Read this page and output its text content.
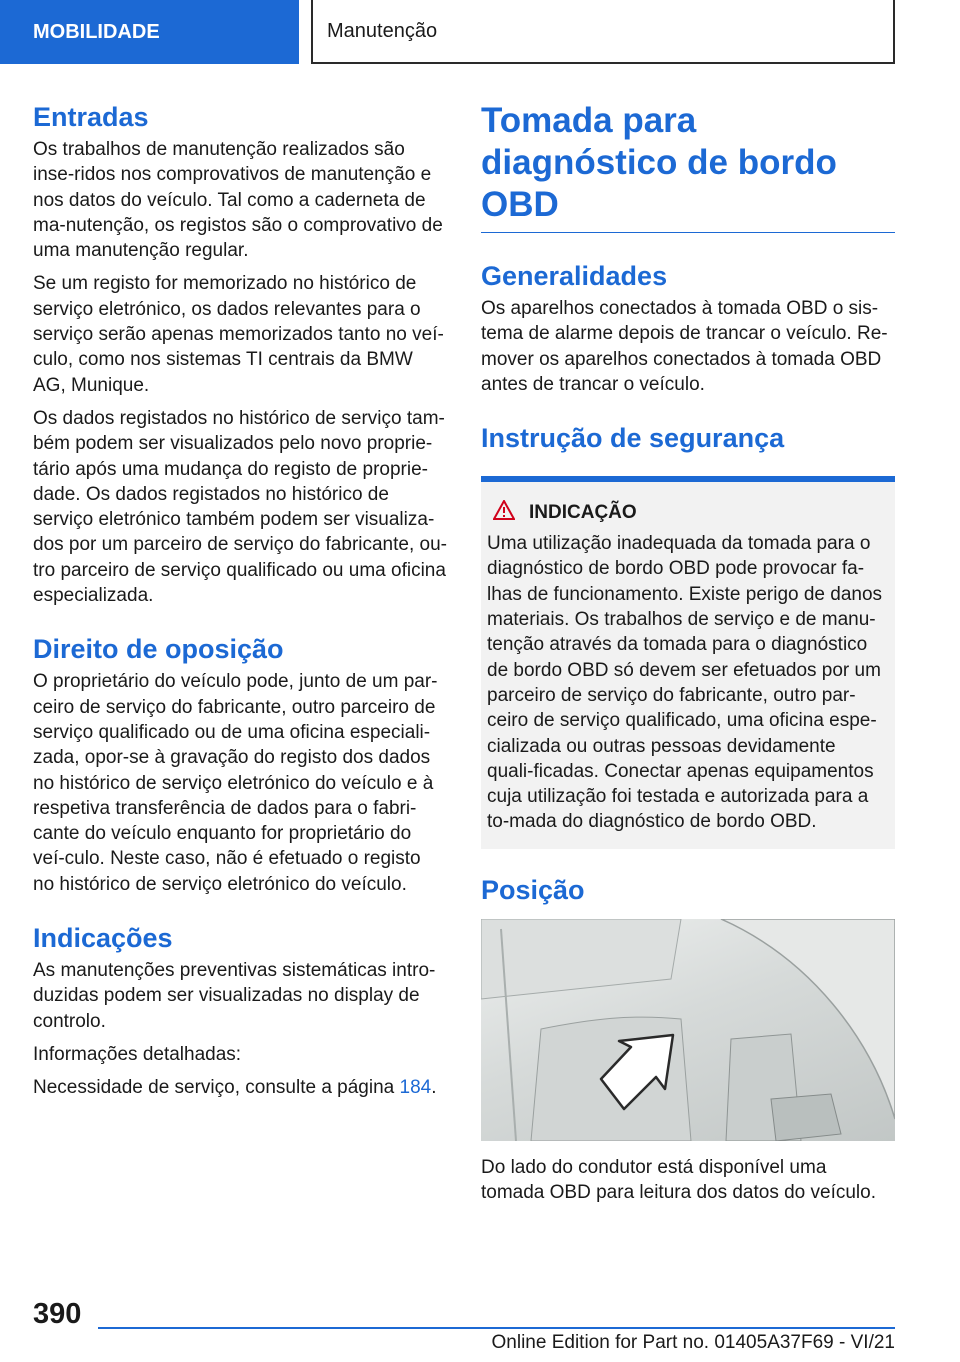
MOBILIDADE	Manutenção
Entradas

Os trabalhos de manutenção realizados são inse-ridos nos comprovativos de manutenção e nos datos do veículo. Tal como a caderneta de ma-nutenção, os registos são o comprovativo de uma manutenção regular.

Se um registo for memorizado no histórico de serviço eletrónico, os dados relevantes para o serviço serão apenas memorizados tanto no veí-culo, como nos sistemas TI centrais da BMW AG, Munique.

Os dados registados no histórico de serviço tam-bém podem ser visualizados pelo novo proprie-tário após uma mudança do registo de proprie-dade. Os dados registados no histórico de serviço eletrónico também podem ser visualiza-dos por um parceiro de serviço do fabricante, ou-tro parceiro de serviço qualificado ou uma oficina especializada.

Direito de oposição

O proprietário do veículo pode, junto de um par-ceiro de serviço do fabricante, outro parceiro de serviço qualificado ou de uma oficina especiali-zada, opor-se à gravação do registo dos dados no histórico de serviço eletrónico do veículo e à respetiva transferência de dados para o fabri-cante do veículo enquanto for proprietário do veí-culo. Neste caso, não é efetuado o registo no histórico de serviço eletrónico do veículo.

Indicações

As manutenções preventivas sistemáticas intro-duzidas podem ser visualizadas no display de controlo.

Informações detalhadas:

Necessidade de serviço, consulte a página 184.

Tomada para diagnóstico de bordo OBD
Generalidades

Os aparelhos conectados à tomada OBD o sis-tema de alarme depois de trancar o veículo. Re-mover os aparelhos conectados à tomada OBD antes de trancar o veículo.

Instrução de segurança
INDICAÇÃO

Uma utilização inadequada da tomada para o diagnóstico de bordo OBD pode provocar fa-lhas de funcionamento. Existe perigo de danos materiais. Os trabalhos de serviço e de manu-tenção através da tomada para o diagnóstico de bordo OBD só devem ser efetuados por um parceiro de serviço do fabricante, outro par-ceiro de serviço qualificado, uma oficina espe-cializada ou outras pessoas devidamente quali-ficadas. Conectar apenas equipamentos cuja utilização foi testada e autorizada para a to-mada do diagnóstico de bordo OBD.

Posição

Do lado do condutor está disponível uma tomada OBD para leitura dos datos do veículo.

390
Online Edition for Part no. 01405A37F69 - VI/21
